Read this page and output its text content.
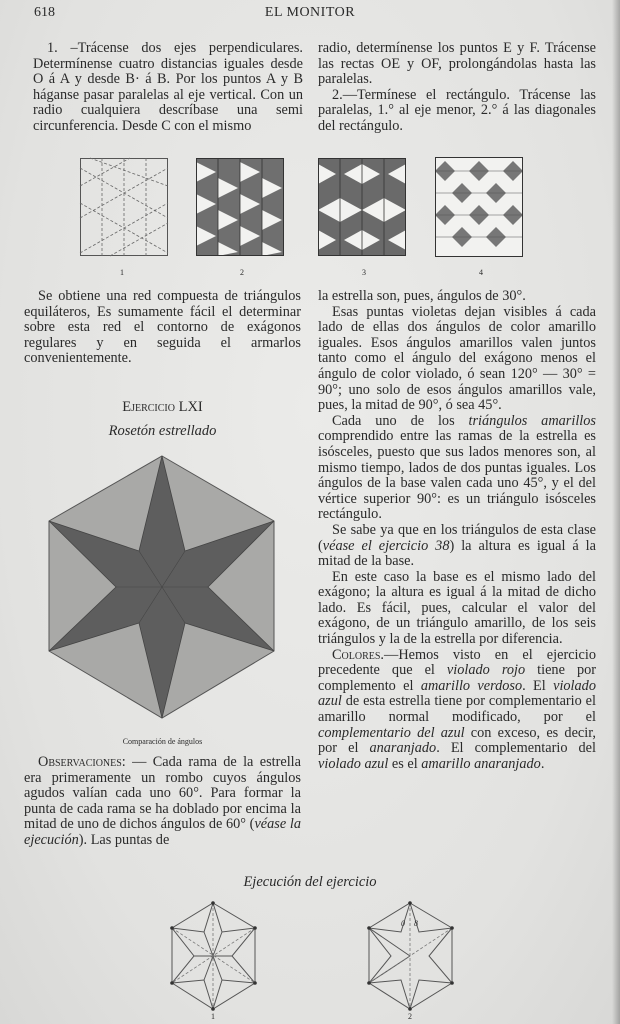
618	EL MONITOR

1. –Trácense dos ejes perpendiculares. Determínense cuatro distancias iguales desde O á A y desde B· á B. Por los puntos A y B háganse pasar paralelas al eje vertical. Con un radio cualquiera descríbase una semi circunferencia. Desde C con el mismo

radio, determínense los puntos E y F. Trácense las rectas OE y OF, prolongándolas hasta las paralelas.

2.—Termínese el rectángulo. Trácense las paralelas, 1.° al eje menor, 2.° á las diagonales del rectángulo.

1	2	3	4

Se obtiene una red compuesta de triángulos equiláteros, Es sumamente fácil el determinar sobre esta red el contorno de exágonos regulares y en seguida el armarlos convenientemente.

Ejercicio LXI
Rosetón estrellado
Comparación de ángulos

Observaciones: — Cada rama de la estrella era primeramente un rombo cuyos ángulos agudos valían cada uno 60°. Para formar la punta de cada rama se ha doblado por encima la mitad de uno de dichos ángulos de 60° (véase la ejecución). Las puntas de

la estrella son, pues, ángulos de 30°.

Esas puntas violetas dejan visibles á cada lado de ellas dos ángulos de color amarillo iguales. Esos ángulos amarillos valen juntos tanto como el ángulo del exágono menos el ángulo de color violado, ó sean 120° — 30° = 90°; uno solo de esos ángulos amarillos vale, pues, la mitad de 90°, ó sea 45°.

Cada uno de los triángulos amarillos comprendido entre las ramas de la estrella es isósceles, puesto que sus lados menores son, al mismo tiempo, lados de dos puntas iguales. Los ángulos de la base valen cada uno 45°, y el del vértice superior 90°: es un triángulo isósceles rectángulo.

Se sabe ya que en los triángulos de esta clase (véase el ejercicio 38) la altura es igual á la mitad de la base.

En este caso la base es el mismo lado del exágono; la altura es igual á la mitad de dicho lado. Es fácil, pues, calcular el valor del exágono, de un triángulo amarillo, de los seis triángulos y la de la estrella por diferencia.

Colores.—Hemos visto en el ejercicio precedente que el violado rojo tiene por complemento el amarillo verdoso. El violado azul de esta estrella tiene por complementario el amarillo normal modificado, por el complementario del azul con exceso, es decir, por el anaranjado. El complementario del violado azul es el amarillo anaranjado.

Ejecución del ejercicio
1
0 8
2
